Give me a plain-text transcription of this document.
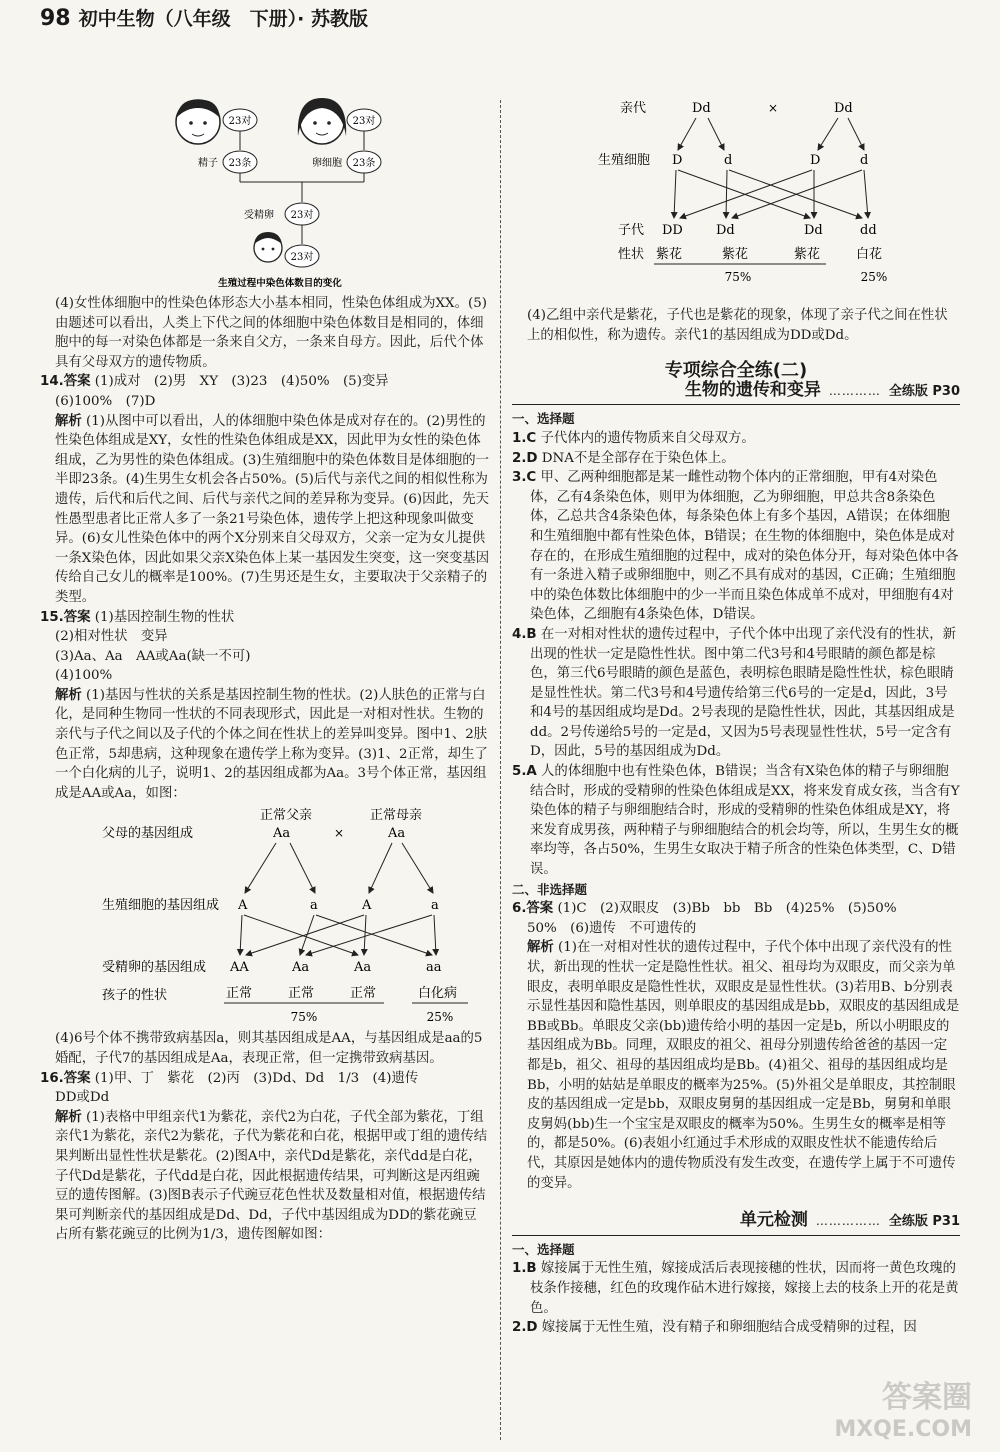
98 初中生物（八年级　下册）· 苏教版
23对	23对
23条
精子	23条
卵细胞
23对
受精卵
23对
生殖过程中染色体数目的变化

(4)女性体细胞中的性染色体形态大小基本相同，性染色体组成为XX。(5)由题述可以看出，人类上下代之间的体细胞中染色体数目是相同的，体细胞中的每一对染色体都是一条来自父方，一条来自母方。因此，后代个体具有父母双方的遗传物质。

14.答案 (1)成对　(2)男　XY　(3)23　(4)50%　(5)变异

(6)100%　(7)D

解析 (1)从图中可以看出，人的体细胞中染色体是成对存在的。(2)男性的性染色体组成是XY，女性的性染色体组成是XX，因此甲为女性的染色体组成，乙为男性的染色体组成。(3)生殖细胞中的染色体数目是体细胞的一半即23条。(4)生男生女机会各占50%。(5)后代与亲代之间的相似性称为遗传，后代和后代之间、后代与亲代之间的差异称为变异。(6)因此，先天性愚型患者比正常人多了一条21号染色体，遗传学上把这种现象叫做变异。(6)女儿性染色体中的两个X分别来自父母双方，父亲一定为女儿提供一条X染色体，因此如果父亲X染色体上某一基因发生突变，这一突变基因传给自己女儿的概率是100%。(7)生男还是生女，主要取决于父亲精子的类型。

15.答案 (1)基因控制生物的性状

(2)相对性状　变异

(3)Aa、Aa　AA或Aa(缺一不可)

(4)100%

解析 (1)基因与性状的关系是基因控制生物的性状。(2)人肤色的正常与白化，是同种生物同一性状的不同表现形式，因此是一对相对性状。生物的亲代与子代之间以及子代的个体之间在性状上的差异叫变异。图中1、2肤色正常，5却患病，这种现象在遗传学上称为变异。(3)1、2正常，却生了一个白化病的儿子，说明1、2的基因组成都为Aa。3号个体正常，基因组成是AA或Aa，如图：

正常父亲	正常母亲
父母的基因组成	Aa	×	Aa
生殖细胞的基因组成 A	a	A	a
受精卵的基因组成 AA	Aa	Aa	aa
孩子的性状	正常	正常	正常	白化病
75%	25%

(4)6号个体不携带致病基因a，则其基因组成是AA，与基因组成是aa的5婚配，子代7的基因组成是Aa，表现正常，但一定携带致病基因。

16.答案 (1)甲、丁　紫花　(2)丙　(3)Dd、Dd　1/3　(4)遗传

DD或Dd

解析 (1)表格中甲组亲代1为紫花，亲代2为白花，子代全部为紫花，丁组亲代1为紫花，亲代2为紫花，子代为紫花和白花，根据甲或丁组的遗传结果判断出显性性状是紫花。(2)图A中，亲代Dd是紫花，亲代dd是白花，子代Dd是紫花，子代dd是白花，因此根据遗传结果，可判断这是丙组豌豆的遗传图解。(3)图B表示子代豌豆花色性状及数量相对值，根据遗传结果可判断亲代的基因组成是Dd、Dd，子代中基因组成为DD的紫花豌豆占所有紫花豌豆的比例为1/3，遗传图解如图：

亲代	Dd	×	Dd
生殖细胞 D	d	D	d
子代 DD	Dd	Dd	dd
性状 紫花	紫花	紫花	白花
75%	25%

(4)乙组中亲代是紫花，子代也是紫花的现象，体现了亲子代之间在性状上的相似性，称为遗传。亲代1的基因组成为DD或Dd。

专项综合全练(二)
生物的遗传和变异 ………… 全练版 P30

一、选择题

1.C 子代体内的遗传物质来自父母双方。

2.D DNA不是全部存在于染色体上。

3.C 甲、乙两种细胞都是某一雌性动物个体内的正常细胞，甲有4对染色体，乙有4条染色体，则甲为体细胞，乙为卵细胞，甲总共含8条染色体，乙总共含4条染色体，每条染色体上有多个基因，A错误；在体细胞和生殖细胞中都有性染色体，B错误；在生物的体细胞中，染色体是成对存在的，在形成生殖细胞的过程中，成对的染色体分开，每对染色体中各有一条进入精子或卵细胞中，则乙不具有成对的基因，C正确；生殖细胞中的染色体数比体细胞中的少一半而且染色体成单不成对，甲细胞有4对染色体，乙细胞有4条染色体，D错误。

4.B 在一对相对性状的遗传过程中，子代个体中出现了亲代没有的性状，新出现的性状一定是隐性性状。图中第二代3号和4号眼睛的颜色都是棕色，第三代6号眼睛的颜色是蓝色，表明棕色眼睛是隐性性状，棕色眼睛是显性性状。第二代3号和4号遗传给第三代6号的一定是d，因此，3号和4号的基因组成均是Dd。2号表现的是隐性性状，因此，其基因组成是dd。2号传递给5号的一定是d，又因为5号表现显性性状，5号一定含有D，因此，5号的基因组成为Dd。

5.A 人的体细胞中也有性染色体，B错误；当含有X染色体的精子与卵细胞结合时，形成的受精卵的性染色体组成是XX，将来发育成女孩，当含有Y染色体的精子与卵细胞结合时，形成的受精卵的性染色体组成是XY，将来发育成男孩，两种精子与卵细胞结合的机会均等，所以，生男生女的概率均等，各占50%，生男生女取决于精子所含的性染色体类型，C、D错误。

二、非选择题

6.答案 (1)C　(2)双眼皮　(3)Bb　bb　Bb　(4)25%　(5)50%

50%　(6)遗传　不可遗传的

解析 (1)在一对相对性状的遗传过程中，子代个体中出现了亲代没有的性状，新出现的性状一定是隐性性状。祖父、祖母均为双眼皮，而父亲为单眼皮，表明单眼皮是隐性性状，双眼皮是显性性状。(3)若用B、b分别表示显性基因和隐性基因，则单眼皮的基因组成是bb，双眼皮的基因组成是BB或Bb。单眼皮父亲(bb)遗传给小明的基因一定是b，所以小明眼皮的基因组成为Bb。同理，双眼皮的祖父、祖母分别遗传给爸爸的基因一定都是b，祖父、祖母的基因组成均是Bb。(4)祖父、祖母的基因组成均是Bb，小明的姑姑是单眼皮的概率为25%。(5)外祖父是单眼皮，其控制眼皮的基因组成一定是bb，双眼皮舅舅的基因组成一定是Bb，舅舅和单眼皮舅妈(bb)生一个宝宝是双眼皮的概率为50%。生男生女的概率是相等的，都是50%。(6)表姐小红通过手术形成的双眼皮性状不能遗传给后代，其原因是她体内的遗传物质没有发生改变，在遗传学上属于不可遗传的变异。

单元检测 …………… 全练版 P31

一、选择题

1.B 嫁接属于无性生殖，嫁接成活后表现接穗的性状，因而将一黄色玫瑰的枝条作接穗，红色的玫瑰作砧木进行嫁接，嫁接上去的枝条上开的花是黄色。

2.D 嫁接属于无性生殖，没有精子和卵细胞结合成受精卵的过程，因

答案圈
MXQE.COM
